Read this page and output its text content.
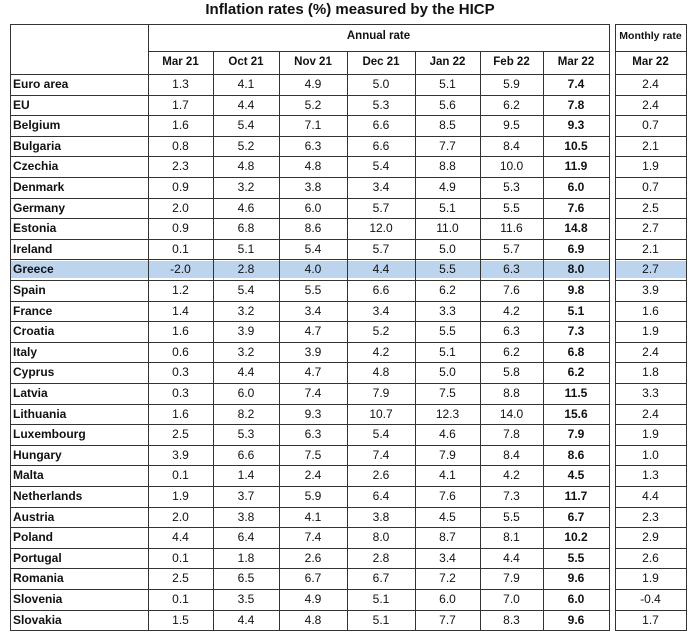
Inflation rates (%) measured by the HICP
Annual rate	Monthly rate
Mar 21	Oct 21	Nov 21	Dec 21	Jan 22	Feb 22	Mar 22	Mar 22
Euro area	1.3	4.1	4.9	5.0	5.1	5.9	7.4	2.4
EU	1.7	4.4	5.2	5.3	5.6	6.2	7.8	2.4
Belgium	1.6	5.4	7.1	6.6	8.5	9.5	9.3	0.7
Bulgaria	0.8	5.2	6.3	6.6	7.7	8.4	10.5	2.1
Czechia	2.3	4.8	4.8	5.4	8.8	10.0	11.9	1.9
Denmark	0.9	3.2	3.8	3.4	4.9	5.3	6.0	0.7
Germany	2.0	4.6	6.0	5.7	5.1	5.5	7.6	2.5
Estonia	0.9	6.8	8.6	12.0	11.0	11.6	14.8	2.7
Ireland	0.1	5.1	5.4	5.7	5.0	5.7	6.9	2.1
Greece	-2.0	2.8	4.0	4.4	5.5	6.3	8.0	2.7
Spain	1.2	5.4	5.5	6.6	6.2	7.6	9.8	3.9
France	1.4	3.2	3.4	3.4	3.3	4.2	5.1	1.6
Croatia	1.6	3.9	4.7	5.2	5.5	6.3	7.3	1.9
Italy	0.6	3.2	3.9	4.2	5.1	6.2	6.8	2.4
Cyprus	0.3	4.4	4.7	4.8	5.0	5.8	6.2	1.8
Latvia	0.3	6.0	7.4	7.9	7.5	8.8	11.5	3.3
Lithuania	1.6	8.2	9.3	10.7	12.3	14.0	15.6	2.4
Luxembourg	2.5	5.3	6.3	5.4	4.6	7.8	7.9	1.9
Hungary	3.9	6.6	7.5	7.4	7.9	8.4	8.6	1.0
Malta	0.1	1.4	2.4	2.6	4.1	4.2	4.5	1.3
Netherlands	1.9	3.7	5.9	6.4	7.6	7.3	11.7	4.4
Austria	2.0	3.8	4.1	3.8	4.5	5.5	6.7	2.3
Poland	4.4	6.4	7.4	8.0	8.7	8.1	10.2	2.9
Portugal	0.1	1.8	2.6	2.8	3.4	4.4	5.5	2.6
Romania	2.5	6.5	6.7	6.7	7.2	7.9	9.6	1.9
Slovenia	0.1	3.5	4.9	5.1	6.0	7.0	6.0	-0.4
Slovakia	1.5	4.4	4.8	5.1	7.7	8.3	9.6	1.7
